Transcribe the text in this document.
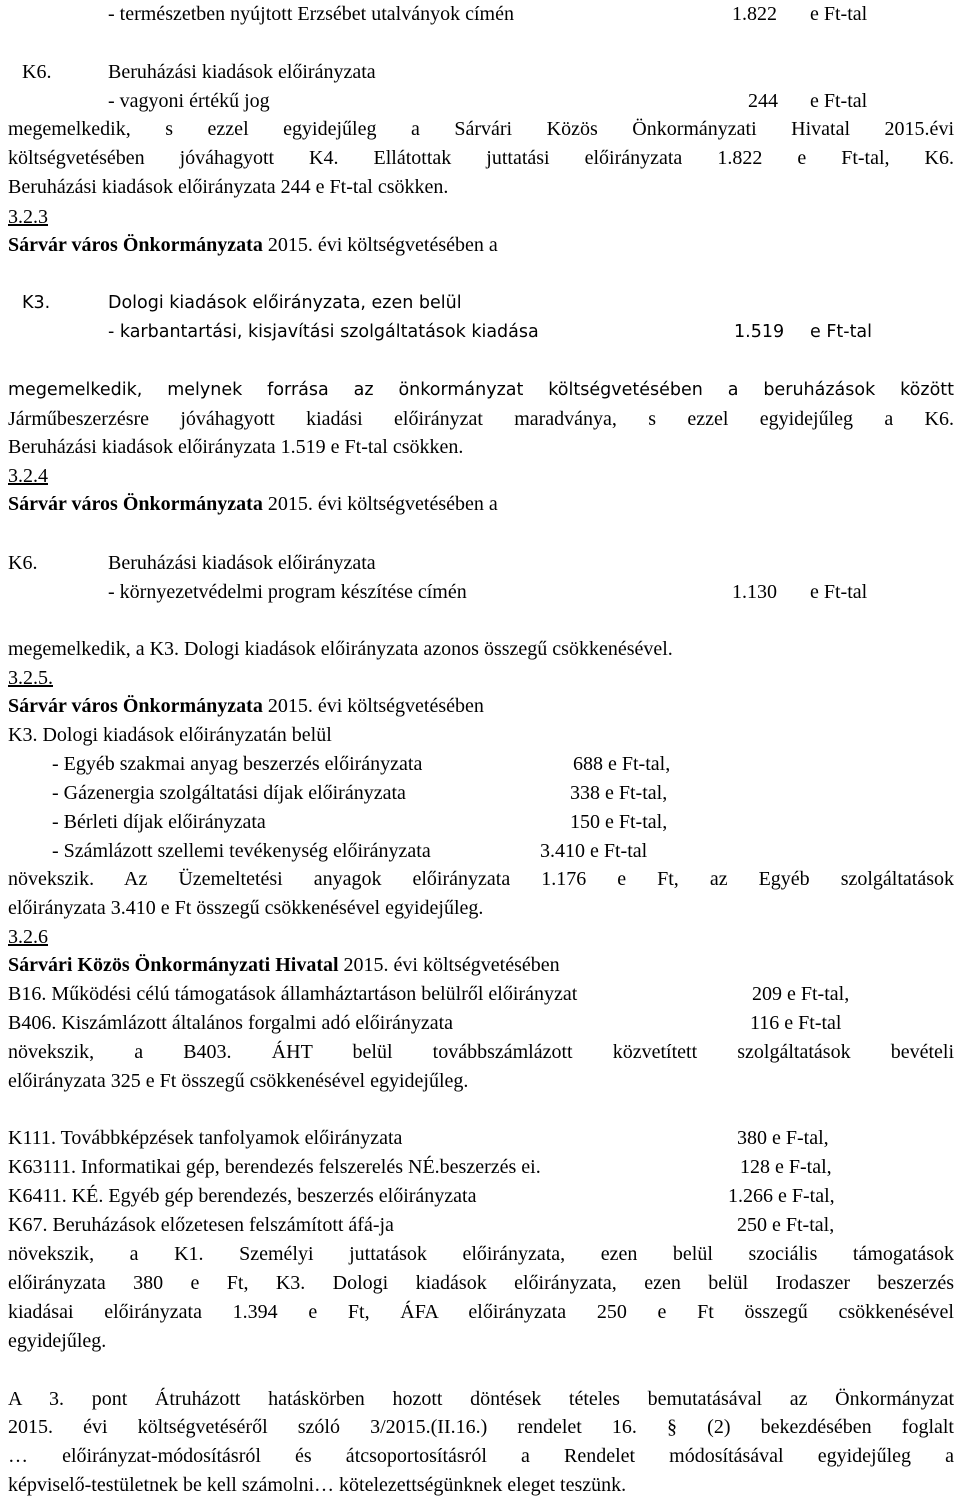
- természetben nyújtott Erzsébet utalványok címén	1.822 e Ft-tal
K6.	Beruházási kiadások előirányzata
- vagyoni értékű jog	244 e Ft-tal
megemelkedik, s ezzel egyidejűleg a Sárvári Közös Önkormányzati Hivatal 2015.évi
költségvetésében jóváhagyott K4. Ellátottak juttatási előirányzata 1.822 e Ft-tal, K6.
Beruházási kiadások előirányzata 244 e Ft-tal csökken.
3.2.3
Sárvár város Önkormányzata 2015. évi költségvetésében a
K3.	Dologi kiadások előirányzata, ezen belül
- karbantartási, kisjavítási szolgáltatások kiadása	1.519 e Ft-tal
megemelkedik, melynek forrása az önkormányzat költségvetésében a beruházások között
Járműbeszerzésre jóváhagyott kiadási előirányzat maradványa, s ezzel egyidejűleg a K6.
Beruházási kiadások előirányzata 1.519 e Ft-tal csökken.
3.2.4
Sárvár város Önkormányzata 2015. évi költségvetésében a
K6.	Beruházási kiadások előirányzata
- környezetvédelmi program készítése címén	1.130 e Ft-tal
megemelkedik, a K3. Dologi kiadások előirányzata azonos összegű csökkenésével.
3.2.5.
Sárvár város Önkormányzata 2015. évi költségvetésében
K3. Dologi kiadások előirányzatán belül
- Egyéb szakmai anyag beszerzés előirányzata	688 e Ft-tal,
- Gázenergia szolgáltatási díjak előirányzata	338 e Ft-tal,
- Bérleti díjak előirányzata	150 e Ft-tal,
- Számlázott szellemi tevékenység előirányzata	3.410 e Ft-tal
növekszik. Az Üzemeltetési anyagok előirányzata 1.176 e Ft, az Egyéb szolgáltatások
előirányzata 3.410 e Ft összegű csökkenésével egyidejűleg.
3.2.6
Sárvári Közös Önkormányzati Hivatal 2015. évi költségvetésében
B16. Működési célú támogatások államháztartáson belülről előirányzat	209 e Ft-tal,
B406. Kiszámlázott általános forgalmi adó előirányzata	116 e Ft-tal
növekszik, a B403. ÁHT belül továbbszámlázott közvetített szolgáltatások bevételi
előirányzata 325 e Ft összegű csökkenésével egyidejűleg.
K111. Továbbképzések tanfolyamok előirányzata	380 e F-tal,
K63111. Informatikai gép, berendezés felszerelés NÉ.beszerzés ei.	128 e F-tal,
K6411. KÉ. Egyéb gép berendezés, beszerzés előirányzata	1.266 e F-tal,
K67. Beruházások előzetesen felszámított áfá-ja	250 e Ft-tal,
növekszik, a K1. Személyi juttatások előirányzata, ezen belül szociális támogatások
előirányzata 380 e Ft, K3. Dologi kiadások előirányzata, ezen belül Irodaszer beszerzés
kiadásai előirányzata 1.394 e Ft, ÁFA előirányzata 250 e Ft összegű csökkenésével
egyidejűleg.
A 3. pont Átruházott hatáskörben hozott döntések tételes bemutatásával az Önkormányzat
2015. évi költségvetéséről szóló 3/2015.(II.16.) rendelet 16. § (2) bekezdésében foglalt
… előirányzat-módosításról és átcsoportosításról a Rendelet módosításával egyidejűleg a
képviselő-testületnek be kell számolni… kötelezettségünknek eleget teszünk.
